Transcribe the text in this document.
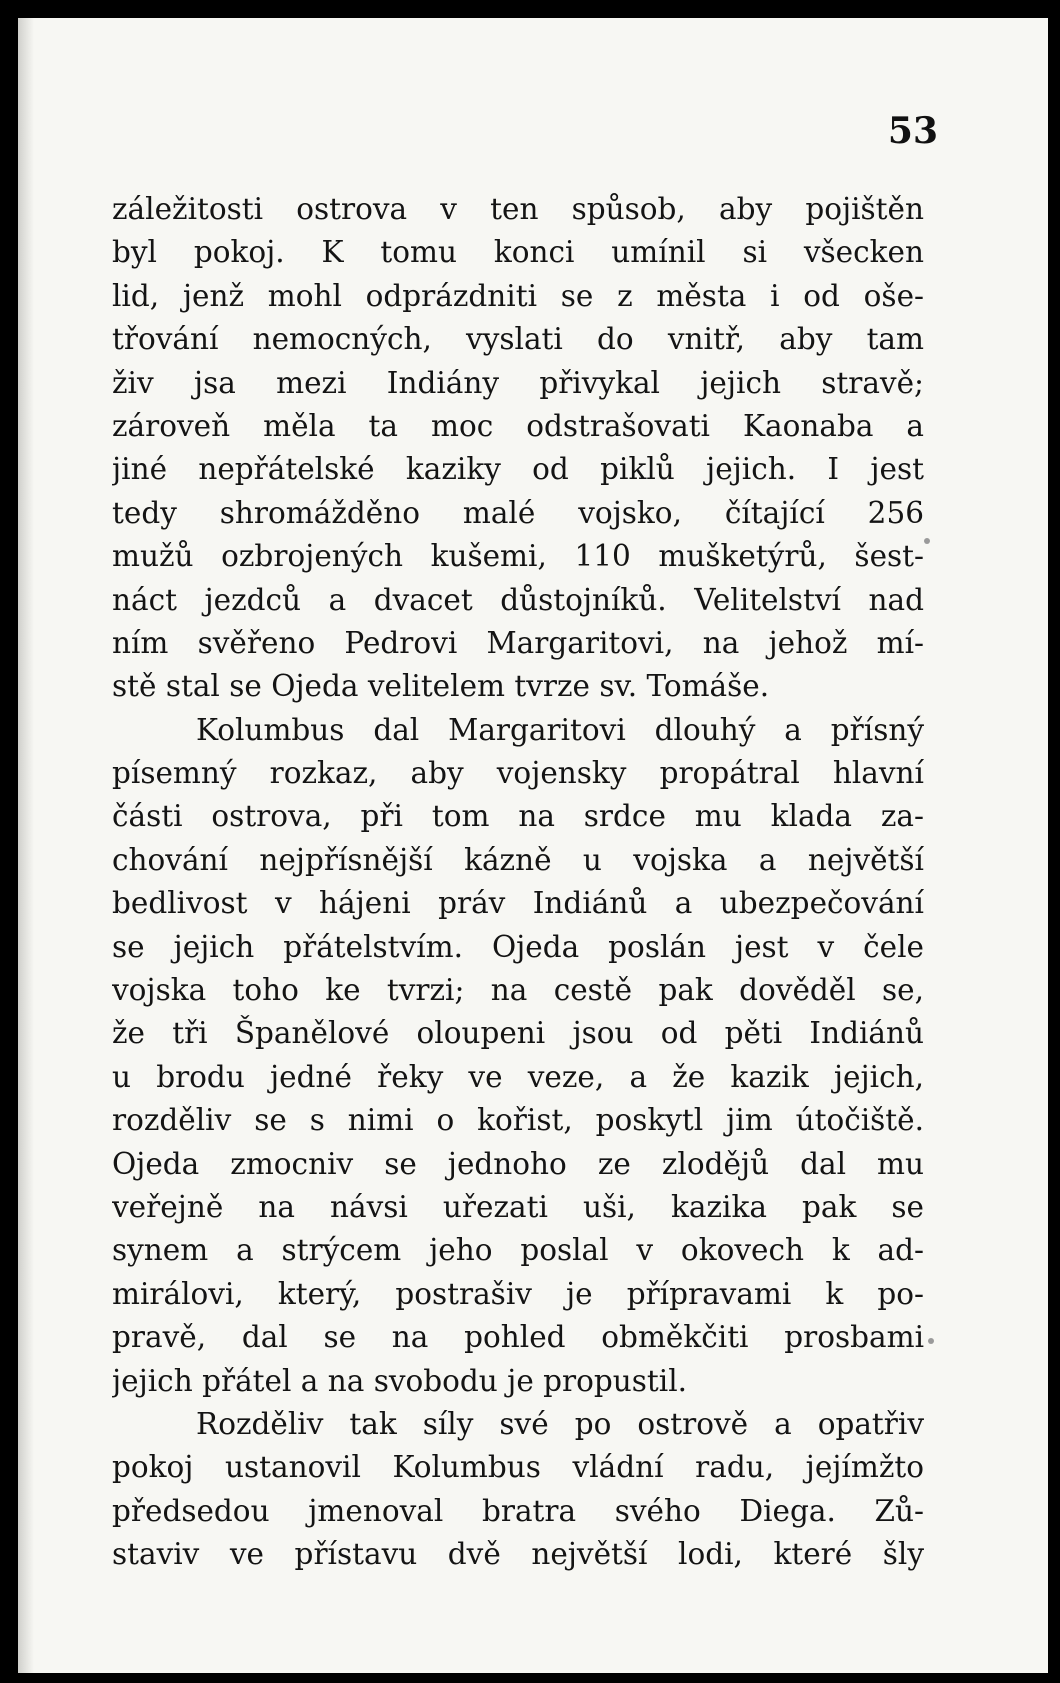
53
záležitosti ostrova v ten spůsob, aby pojištěn
byl pokoj. K tomu konci umínil si všecken
lid, jenž mohl odprázdniti se z města i od oše-
třování nemocných, vyslati do vnitř, aby tam
živ jsa mezi Indiány přivykal jejich stravě;
zároveň měla ta moc odstrašovati Kaonaba a
jiné nepřátelské kaziky od piklů jejich. I jest
tedy shromážděno malé vojsko, čítající 256
mužů ozbrojených kušemi, 110 mušketýrů, šest-
náct jezdců a dvacet důstojníků. Velitelství nad
ním svěřeno Pedrovi Margaritovi, na jehož mí-
stě stal se Ojeda velitelem tvrze sv. Tomáše.
Kolumbus dal Margaritovi dlouhý a přísný
písemný rozkaz, aby vojensky propátral hlavní
části ostrova, při tom na srdce mu klada za-
chování nejpřísnější kázně u vojska a největší
bedlivost v hájeni práv Indiánů a ubezpečování
se jejich přátelstvím. Ojeda poslán jest v čele
vojska toho ke tvrzi; na cestě pak dověděl se,
že tři Španělové oloupeni jsou od pěti Indiánů
u brodu jedné řeky ve veze, a že kazik jejich,
rozděliv se s nimi o kořist, poskytl jim útočiště.
Ojeda zmocniv se jednoho ze zlodějů dal mu
veřejně na návsi uřezati uši, kazika pak se
synem a strýcem jeho poslal v okovech k ad-
mirálovi, který, postrašiv je přípravami k po-
pravě, dal se na pohled obměkčiti prosbami
jejich přátel a na svobodu je propustil.
Rozděliv tak síly své po ostrově a opatřiv
pokoj ustanovil Kolumbus vládní radu, jejímžto
předsedou jmenoval bratra svého Diega. Zů-
staviv ve přístavu dvě největší lodi, které šly
